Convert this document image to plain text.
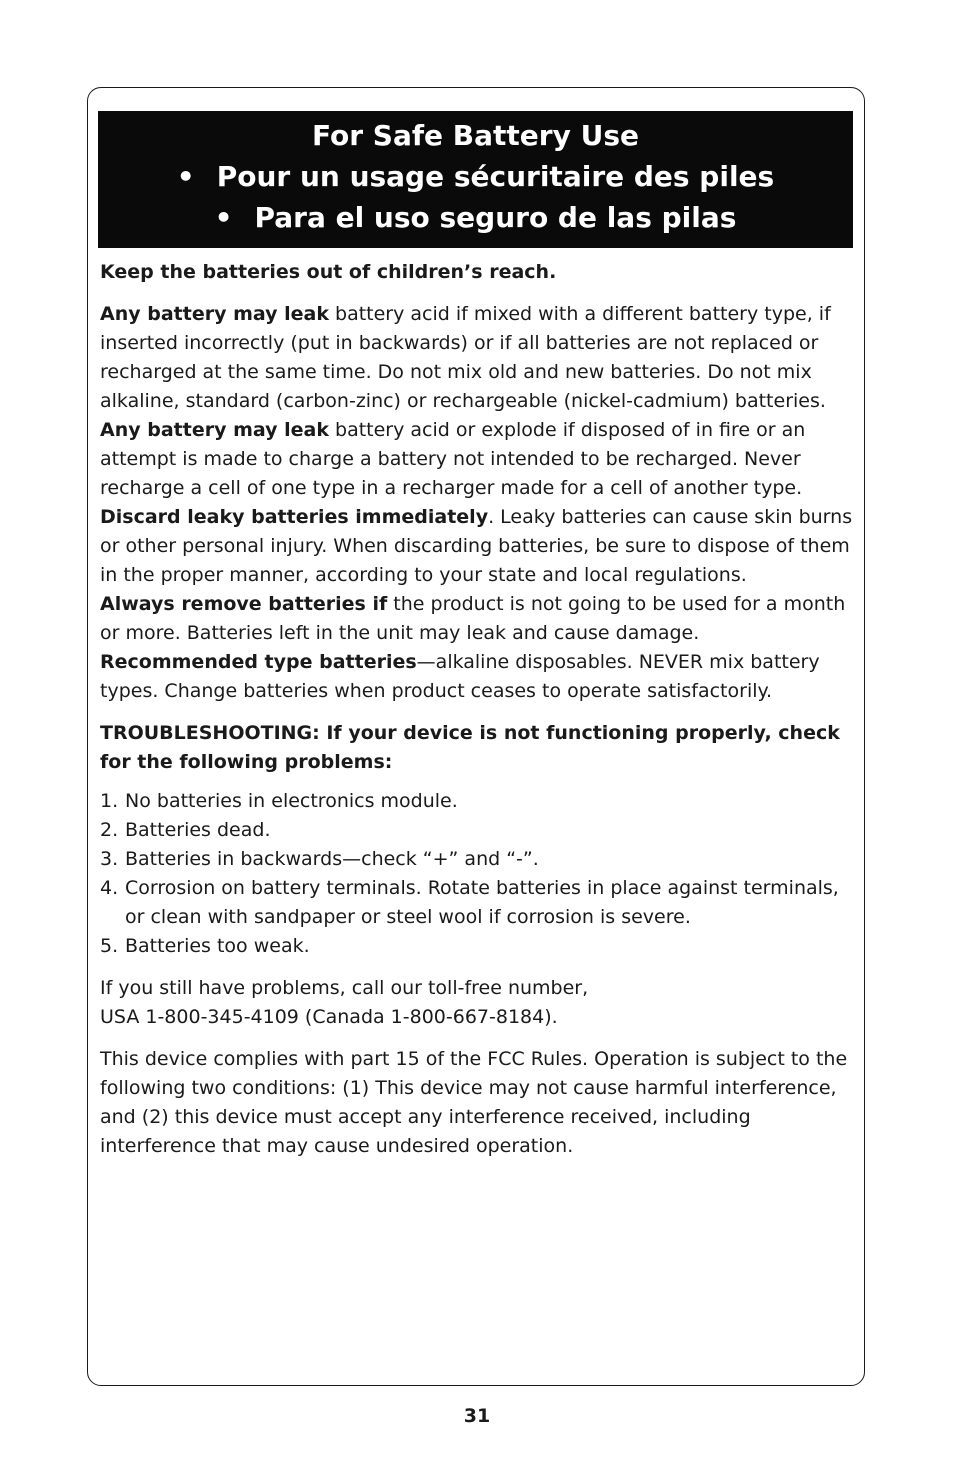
For Safe Battery Use
• Pour un usage sécuritaire des piles
• Para el uso seguro de las pilas

Keep the batteries out of children’s reach.

Any battery may leak battery acid if mixed with a different battery type, if inserted incorrectly (put in backwards) or if all batteries are not replaced or recharged at the same time. Do not mix old and new batteries. Do not mix alkaline, standard (carbon-zinc) or rechargeable (nickel-cadmium) batteries.

Any battery may leak battery acid or explode if disposed of in fire or an attempt is made to charge a battery not intended to be recharged. Never recharge a cell of one type in a recharger made for a cell of another type.

Discard leaky batteries immediately. Leaky batteries can cause skin burns or other personal injury. When discarding batteries, be sure to dispose of them in the proper manner, according to your state and local regulations.

Always remove batteries if the product is not going to be used for a month or more. Batteries left in the unit may leak and cause damage.

Recommended type batteries—alkaline disposables. NEVER mix battery types. Change batteries when product ceases to operate satisfactorily.

TROUBLESHOOTING: If your device is not functioning properly, check for the following problems:

1. No batteries in electronics module.
2. Batteries dead.
3. Batteries in backwards—check “+” and “-”.
4. Corrosion on battery terminals. Rotate batteries in place against terminals, or clean with sandpaper or steel wool if corrosion is severe.
5. Batteries too weak.

If you still have problems, call our toll-free number,
USA 1-800-345-4109 (Canada 1-800-667-8184).

This device complies with part 15 of the FCC Rules. Operation is subject to the following two conditions: (1) This device may not cause harmful interference, and (2) this device must accept any interference received, including interference that may cause undesired operation.

31
